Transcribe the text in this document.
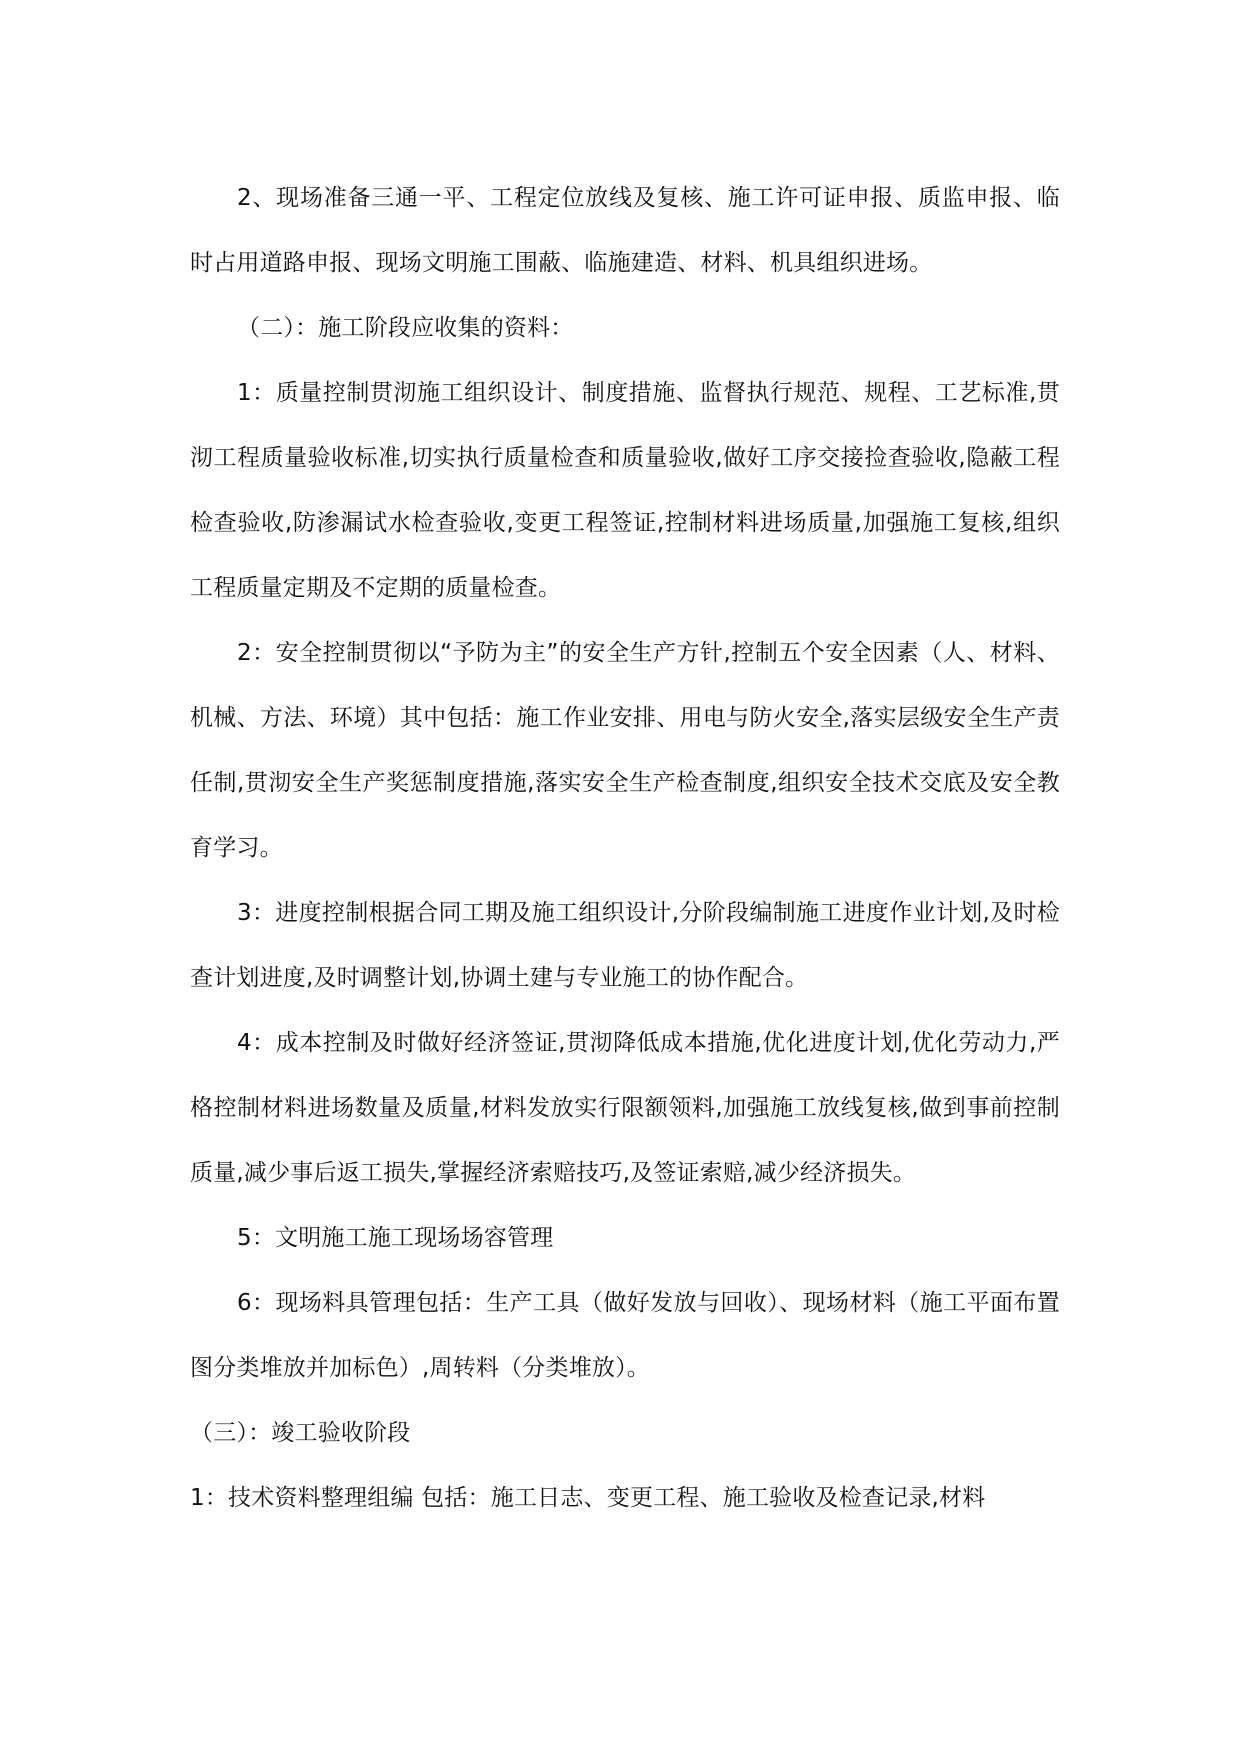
2、现场准备三通一平、工程定位放线及复核、施工许可证申报、质监申报、临时占用道路申报、现场文明施工围蔽、临施建造、材料、机具组织进场。

（二）：施工阶段应收集的资料：

1：质量控制贯沏施工组织设计、制度措施、监督执行规范、规程、工艺标准,贯沏工程质量验收标准,切实执行质量检查和质量验收,做好工序交接捡查验收,隐蔽工程检查验收,防渗漏试水检查验收,变更工程签证,控制材料进场质量,加强施工复核,组织工程质量定期及不定期的质量检查。

2：安全控制贯彻以“予防为主”的安全生产方针,控制五个安全因素（人、材料、机械、方法、环境）其中包括：施工作业安排、用电与防火安全,落实层级安全生产责任制,贯沏安全生产奖惩制度措施,落实安全生产检查制度,组织安全技术交底及安全教育学习。

3：进度控制根据合同工期及施工组织设计,分阶段编制施工进度作业计划,及时检查计划进度,及时调整计划,协调土建与专业施工的协作配合。

4：成本控制及时做好经济签证,贯沏降低成本措施,优化进度计划,优化劳动力,严格控制材料进场数量及质量,材料发放实行限额领料,加强施工放线复核,做到事前控制质量,减少事后返工损失,掌握经济索赔技巧,及签证索赔,减少经济损失。

5：文明施工施工现场场容管理

6：现场料具管理包括：生产工具（做好发放与回收）、现场材料（施工平面布置图分类堆放并加标色）,周转料（分类堆放）。

（三）：竣工验收阶段

1：技术资料整理组编 包括：施工日志、变更工程、施工验收及检查记录,材料
